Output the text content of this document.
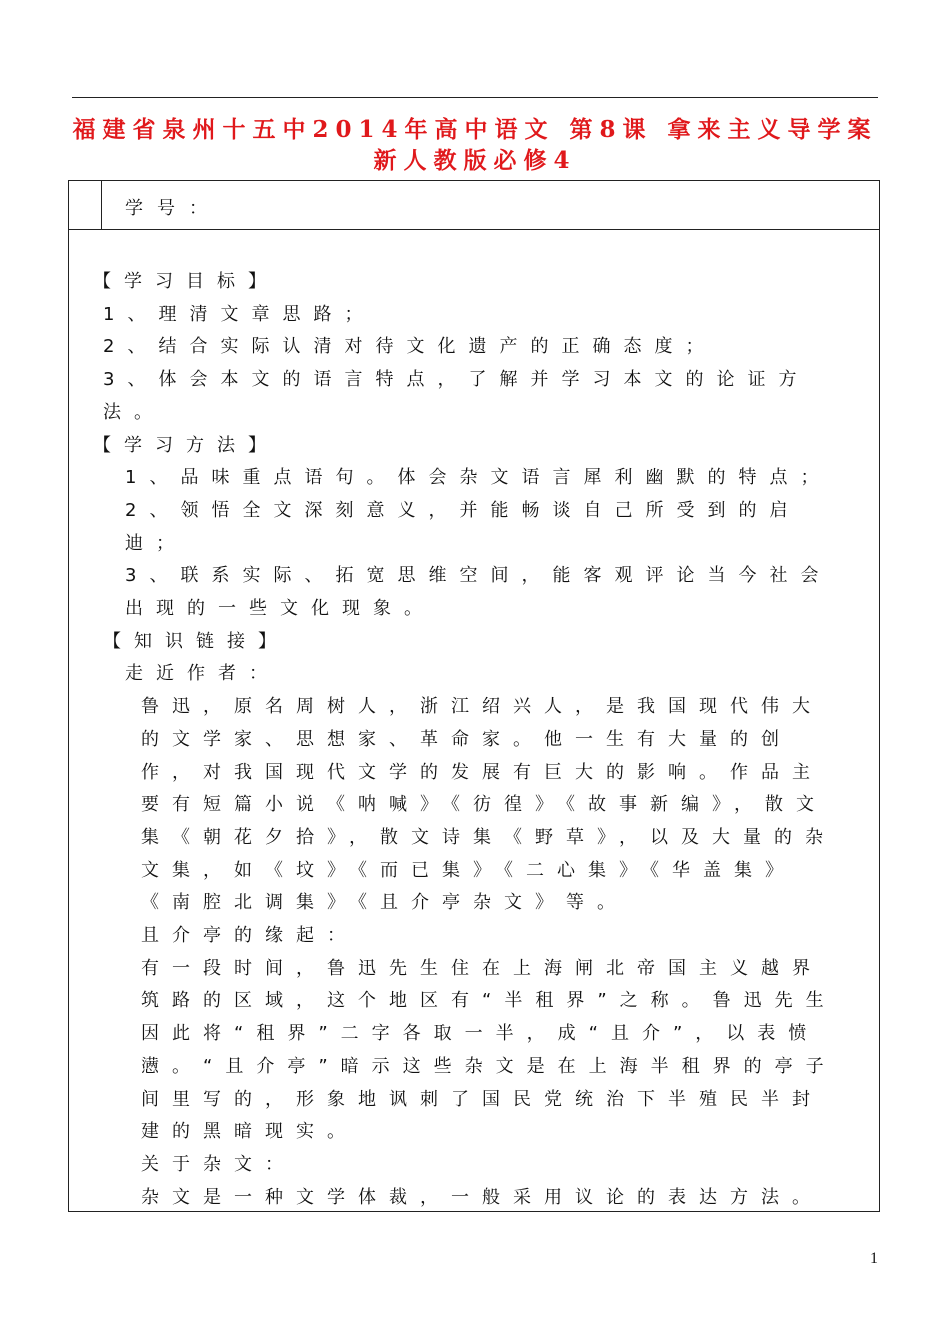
福建省泉州十五中2014年高中语文 第8课 拿来主义导学案 新人教版必修4
学号：

【学习目标】

1、理清文章思路；

2、结合实际认清对待文化遗产的正确态度；

3、体会本文的语言特点，了解并学习本文的论证方法。

【学习方法】

1、品味重点语句。体会杂文语言犀利幽默的特点；

2、领悟全文深刻意义，并能畅谈自己所受到的启迪；

3、联系实际、拓宽思维空间，能客观评论当今社会出现的一些文化现象。

【知识链接】

走近作者：

鲁迅，原名周树人，浙江绍兴人，是我国现代伟大的文学家、思想家、革命家。他一生有大量的创作，对我国现代文学的发展有巨大的影响。作品主要有短篇小说《呐喊》《彷徨》《故事新编》，散文集《朝花夕拾》，散文诗集《野草》，以及大量的杂文集，如《坟》《而已集》《二心集》《华盖集》《南腔北调集》《且介亭杂文》等。

且介亭的缘起：

有一段时间，鲁迅先生住在上海闸北帝国主义越界筑路的区域，这个地区有“半租界”之称。鲁迅先生因此将“租界”二字各取一半，成“且介”，以表愤懑。“且介亭”暗示这些杂文是在上海半租界的亭子间里写的，形象地讽刺了国民党统治下半殖民半封建的黑暗现实。

关于杂文：

杂文是一种文学体裁，一般采用议论的表达方法。

1
